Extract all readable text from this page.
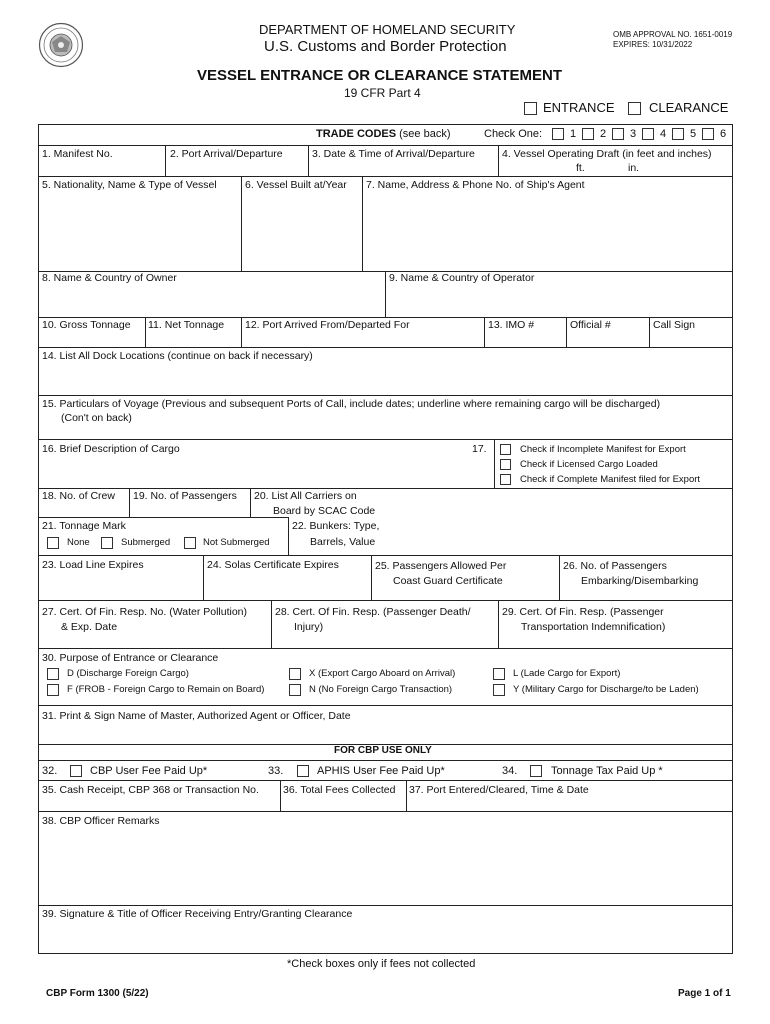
DEPARTMENT OF HOMELAND SECURITY
U.S. Customs and Border Protection
OMB APPROVAL NO. 1651-0019
EXPIRES: 10/31/2022
VESSEL ENTRANCE OR CLEARANCE STATEMENT
19 CFR Part 4
ENTRANCE	CLEARANCE
TRADE CODES (see back)	Check One:	1 2 3 4 5 6
1. Manifest No.	2. Port Arrival/Departure	3. Date & Time of Arrival/Departure	4. Vessel Operating Draft (in feet and inches)
ft.	in.
5. Nationality, Name & Type of Vessel	6. Vessel Built at/Year 7. Name, Address & Phone No. of Ship's Agent
8. Name & Country of Owner	9. Name & Country of Operator
10. Gross Tonnage 11. Net Tonnage 12. Port Arrived From/Departed For	13. IMO #	Official #	Call Sign
14. List All Dock Locations (continue on back if necessary)
15. Particulars of Voyage (Previous and subsequent Ports of Call, include dates; underline where remaining cargo will be discharged)
(Con't on back)
16. Brief Description of Cargo	17.	Check if Incomplete Manifest for Export
Check if Licensed Cargo Loaded
Check if Complete Manifest filed for Export
18. No. of Crew 19. No. of Passengers 20. List All Carriers on
Board by SCAC Code
21. Tonnage Mark
None	Submerged	Not Submerged
22. Bunkers: Type,
Barrels, Value
23. Load Line Expires	24. Solas Certificate Expires	25. Passengers Allowed Per
Coast Guard Certificate
26. No. of Passengers
Embarking/Disembarking
27. Cert. Of Fin. Resp. No. (Water Pollution)
& Exp. Date
28. Cert. Of Fin. Resp. (Passenger Death/
Injury)
29. Cert. Of Fin. Resp. (Passenger
Transportation Indemnification)
30. Purpose of Entrance or Clearance
D (Discharge Foreign Cargo)
F (FROB - Foreign Cargo to Remain on Board)
X (Export Cargo Aboard on Arrival)
N (No Foreign Cargo Transaction)
L (Lade Cargo for Export)
Y (Military Cargo for Discharge/to be Laden)
31. Print & Sign Name of Master, Authorized Agent or Officer, Date
FOR CBP USE ONLY
32.	CBP User Fee Paid Up*	33.	APHIS User Fee Paid Up*	34.	Tonnage Tax Paid Up *
35. Cash Receipt, CBP 368 or Transaction No. 36. Total Fees Collected 37. Port Entered/Cleared, Time & Date
38. CBP Officer Remarks
39. Signature & Title of Officer Receiving Entry/Granting Clearance
*Check boxes only if fees not collected
CBP Form 1300 (5/22)	Page 1 of 1
